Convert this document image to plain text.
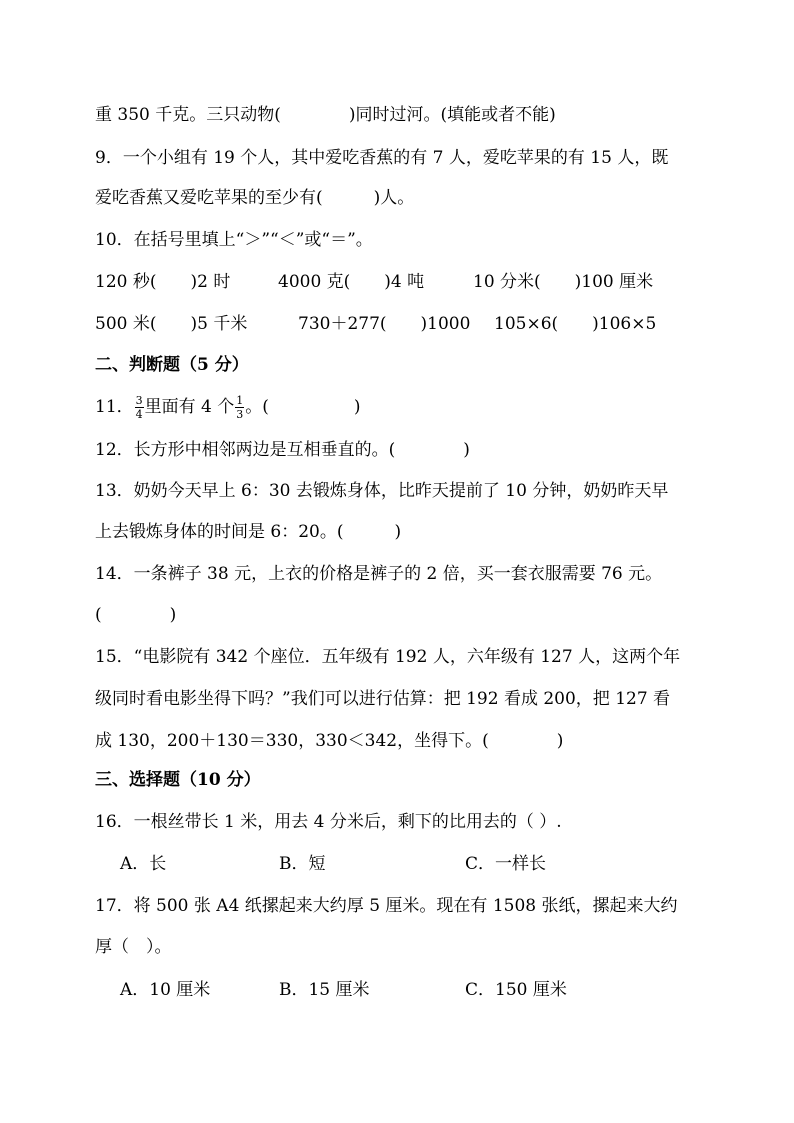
重 350 千克。三只动物(　　　　)同时过河。(填能或者不能)
9．一个小组有 19 个人，其中爱吃香蕉的有 7 人，爱吃苹果的有 15 人，既
爱吃香蕉又爱吃苹果的至少有(　　　)人。
10．在括号里填上“＞”“＜”或“＝”。
120 秒(　　)2 时	4000 克(　　)4 吨	10 分米(　　)100 厘米
500 米(　　)5 千米	730＋277(　　)1000 105×6(　　)106×5
二、判断题（5 分）
11． $\frac{3}{4}$ 里面有 4 个 $\frac{1}{3}$ 。(　　　　　)
12．长方形中相邻两边是互相垂直的。(　　　　)
13．奶奶今天早上 6：30 去锻炼身体，比昨天提前了 10 分钟，奶奶昨天早
上去锻炼身体的时间是 6：20。(　　　)
14．一条裤子 38 元，上衣的价格是裤子的 2 倍，买一套衣服需要 76 元。
(　　　　)
15．“电影院有 342 个座位．五年级有 192 人，六年级有 127 人，这两个年
级同时看电影坐得下吗？”我们可以进行估算：把 192 看成 200，把 127 看
成 130，200＋130＝330，330＜342，坐得下。(　　　　)
三、选择题（10 分）
16．一根丝带长 1 米，用去 4 分米后，剩下的比用去的（ ）.
A．长	B．短	C．一样长
17．将 500 张 A4 纸摞起来大约厚 5 厘米。现在有 1508 张纸，摞起来大约
厚（　）。
A．10 厘米	B．15 厘米	C．150 厘米
